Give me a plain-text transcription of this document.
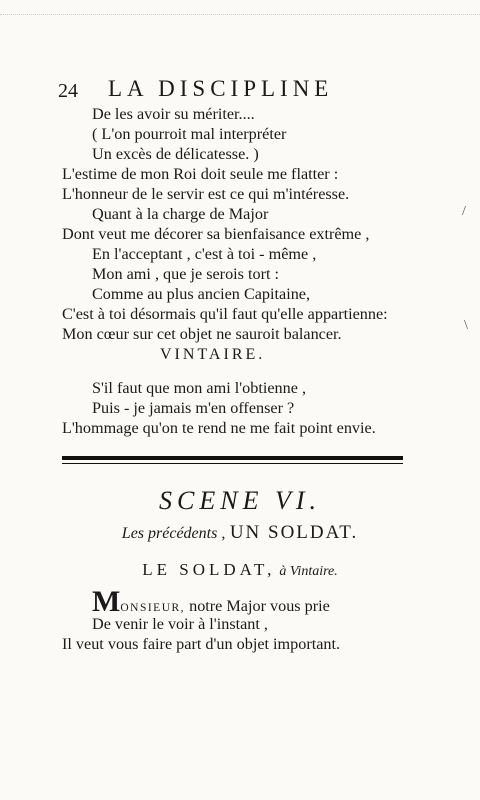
24 LA DISCIPLINE
De les avoir su mériter....
( L'on pourroit mal interpréter
Un excès de délicatesse. )
L'estime de mon Roi doit seule me flatter :
L'honneur de le servir est ce qui m'intéresse.
Quant à la charge de Major
Dont veut me décorer sa bienfaisance extrême ,
En l'acceptant , c'est à toi - même ,
Mon ami , que je serois tort :
Comme au plus ancien Capitaine,
C'est à toi désormais qu'il faut qu'elle appartienne:
Mon cœur sur cet objet ne sauroit balancer.
VINTAIRE.
S'il faut que mon ami l'obtienne ,
Puis - je jamais m'en offenser ?
L'hommage qu'on te rend ne me fait point envie.
SCENE VI.
Les précédents , UN SOLDAT.
LE SOLDAT, à Vintaire.
MONSIEUR, notre Major vous prie
De venir le voir à l'instant ,
Il veut vous faire part d'un objet important.
/
\
